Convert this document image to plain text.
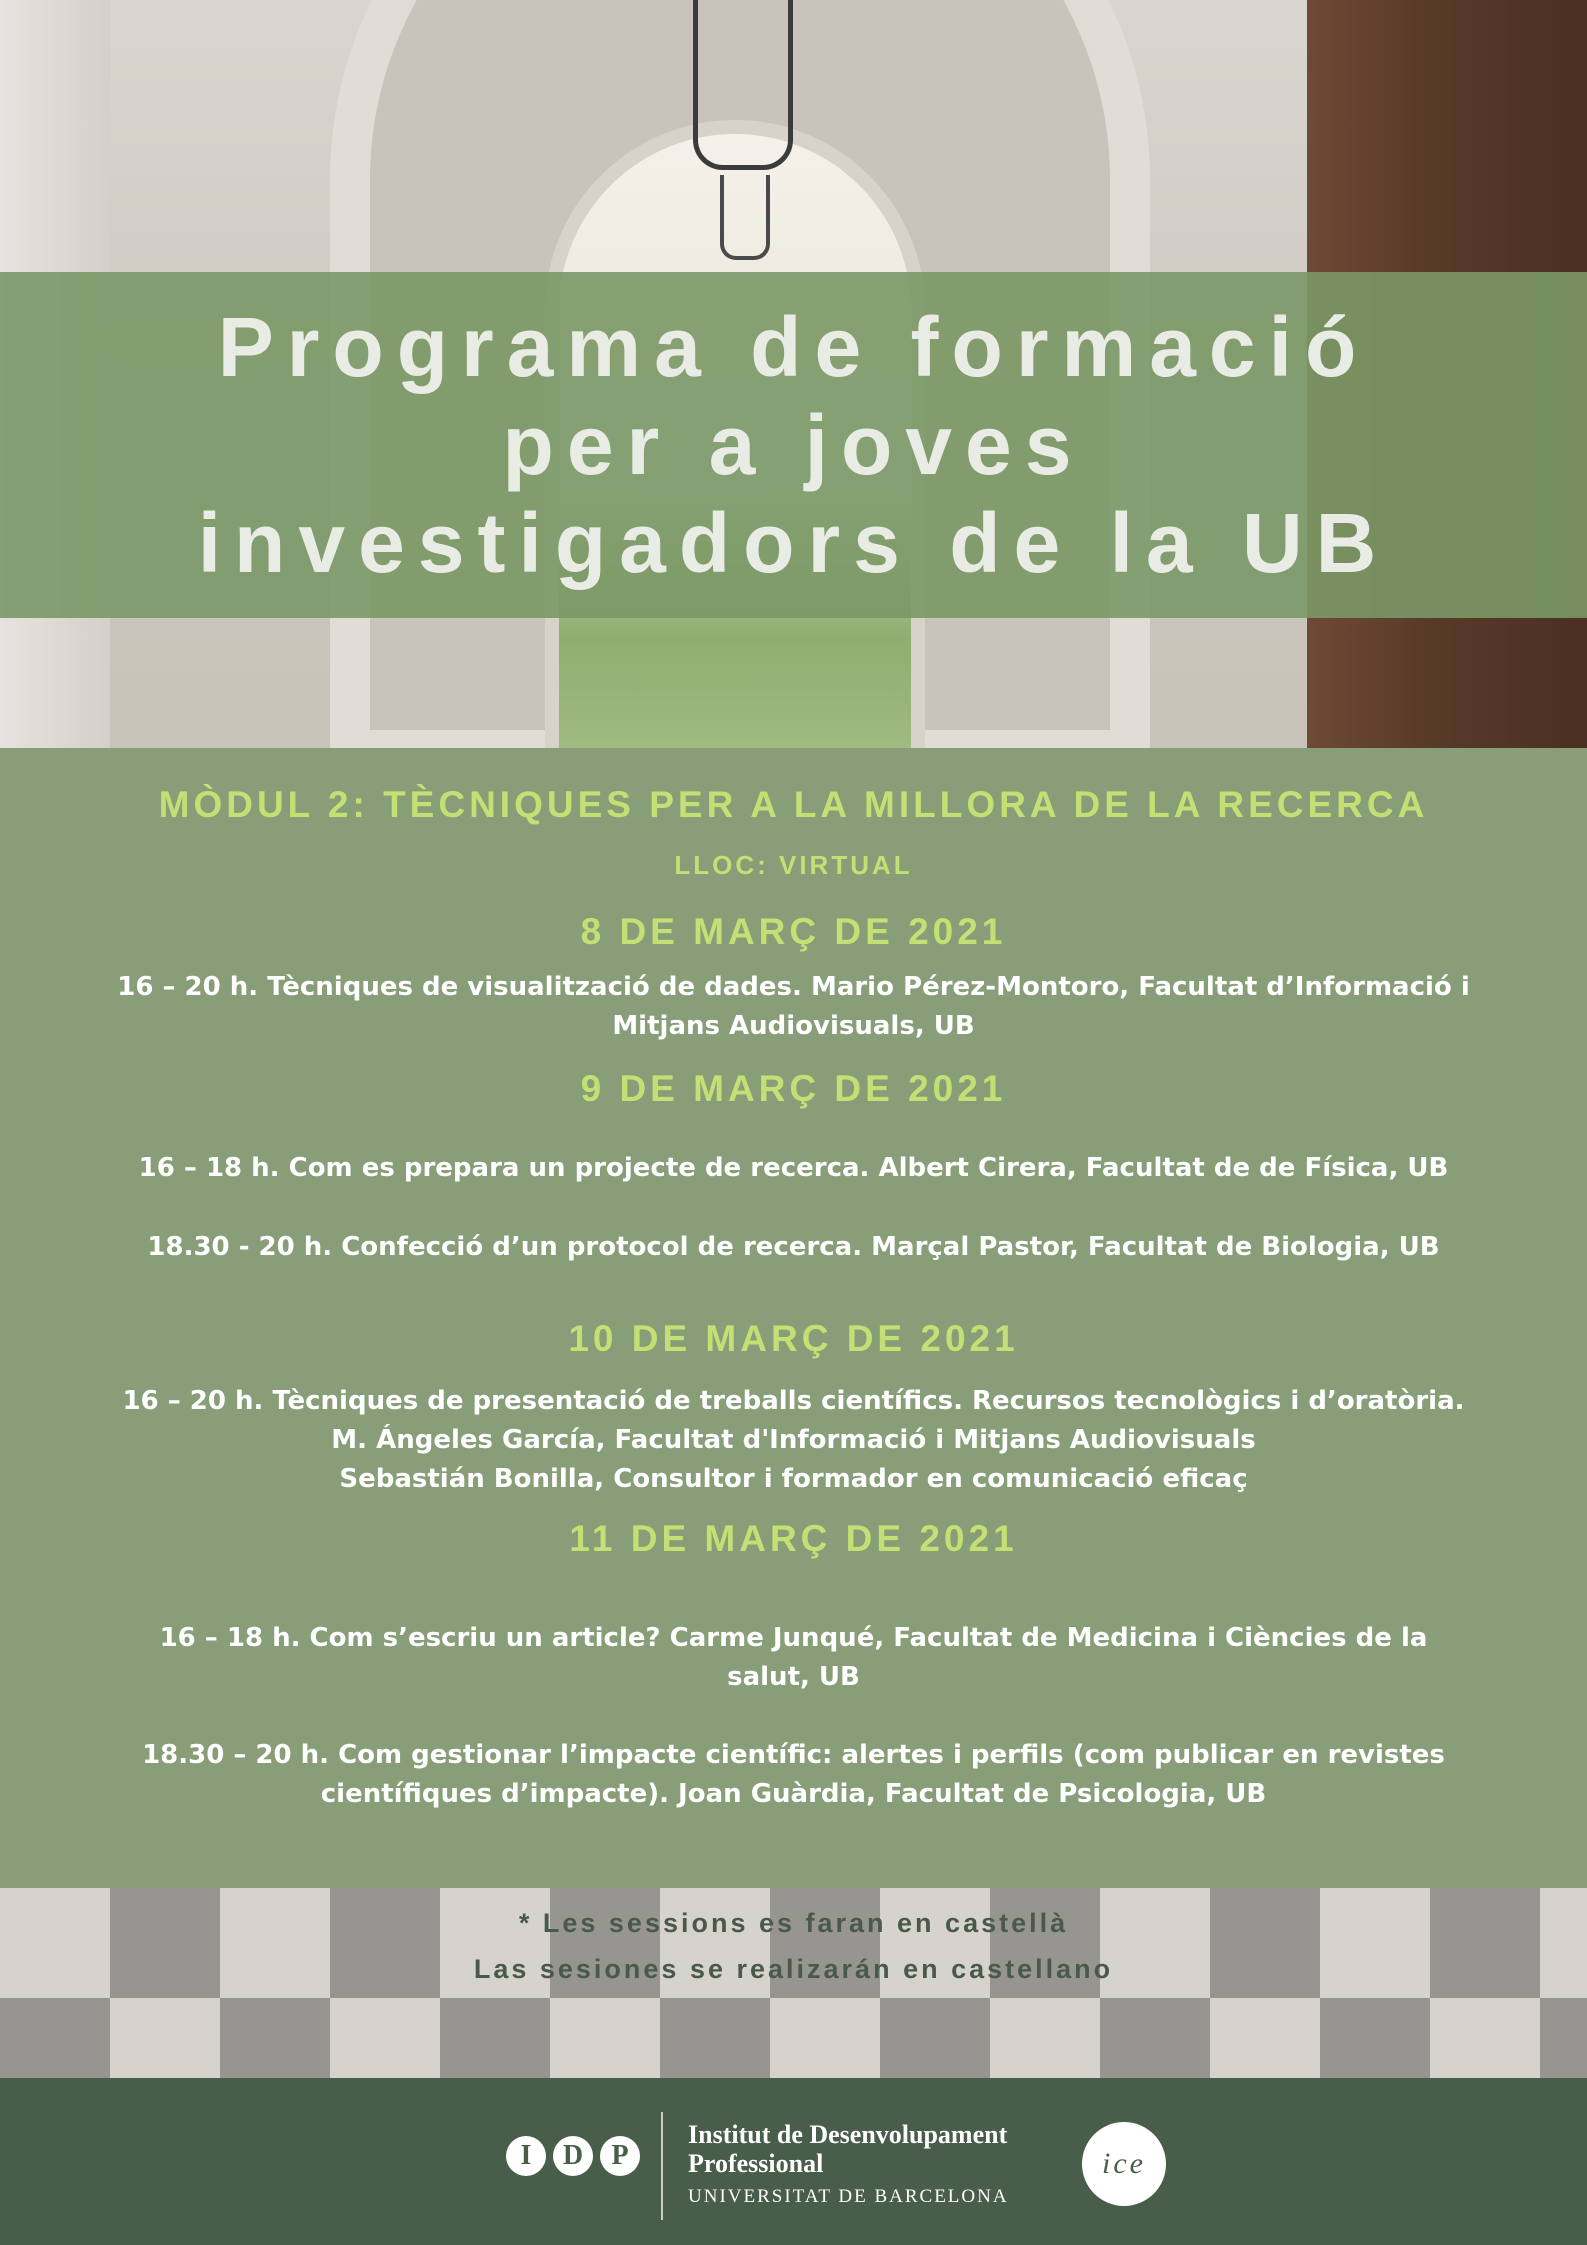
Programa de formació
per a joves
investigadors de la UB
MÒDUL 2: TÈCNIQUES PER A LA MILLORA DE LA RECERCA
LLOC: VIRTUAL
8 DE MARÇ DE 2021
16 – 20 h. Tècniques de visualització de dades. Mario Pérez-Montoro, Facultat d’Informació i
Mitjans Audiovisuals, UB
9 DE MARÇ DE 2021
16 – 18 h. Com es prepara un projecte de recerca. Albert Cirera, Facultat de de Física, UB
18.30 - 20 h. Confecció d’un protocol de recerca. Marçal Pastor, Facultat de Biologia, UB
10 DE MARÇ DE 2021
16 – 20 h. Tècniques de presentació de treballs científics. Recursos tecnològics i d’oratòria.
M. Ángeles García, Facultat d'Informació i Mitjans Audiovisuals
Sebastián Bonilla, Consultor i formador en comunicació eficaç
11 DE MARÇ DE 2021
16 – 18 h. Com s’escriu un article? Carme Junqué, Facultat de Medicina i Ciències de la
salut, UB
18.30 – 20 h. Com gestionar l’impacte científic: alertes i perfils (com publicar en revistes
científiques d’impacte). Joan Guàrdia, Facultat de Psicologia, UB
* Les sessions es faran en castellà
Las sesiones se realizarán en castellano
I	D	P
Institut de Desenvolupament
Professional
UNIVERSITAT DE BARCELONA
ice
